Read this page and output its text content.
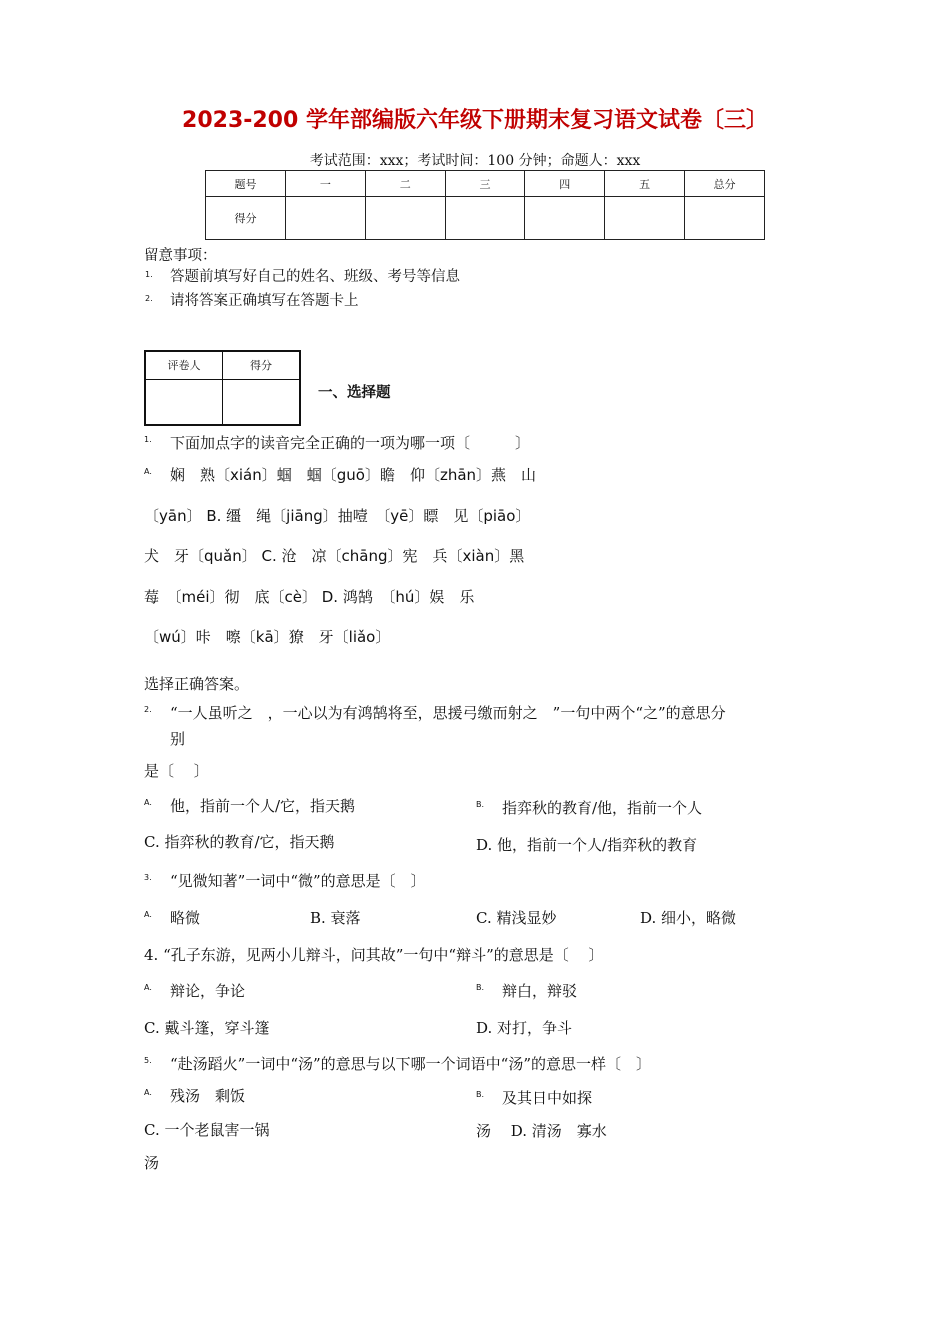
2023-200 学年部编版六年级下册期末复习语文试卷〔三〕
考试范围：xxx；考试时间：100 分钟；命题人：xxx
题号	一	二	三	四	五	总分
得分						
留意事项：
1. 答题前填写好自己的姓名、班级、考号等信息
2. 请将答案正确填写在答题卡上
评卷人	得分

一、选择题
1. 下面加点字的读音完全正确的一项为哪一项〔　　　〕
A. 娴　熟〔xián〕蝈　蝈〔guō〕瞻　仰〔zhān〕燕　山
〔yān〕 B. 缰　绳〔jiāng〕抽噎　〔yē〕瞟　见〔piāo〕
犬　牙〔quǎn〕 C. 沧　凉〔chāng〕宪　兵〔xiàn〕黑
莓　〔méi〕彻　底〔cè〕 D. 鸿鹄　〔hú〕娱　乐
〔wú〕咔　嚓〔kā〕獠　牙〔liǎo〕
选择正确答案。
2. “一人虽听之　，一心以为有鸿鹄将至，思援弓缴而射之　”一句中两个“之”的意思分
别
是〔　 〕
A. 他，指前一个人/它，指天鹅	B. 指弈秋的教育/他，指前一个人
C. 指弈秋的教育/它，指天鹅	D. 他，指前一个人/指弈秋的教育
3. “见微知著”一词中“微”的意思是〔　〕
A. 略微	B. 衰落	C. 精浅显妙	D. 细小，略微
4. “孔子东游，见两小儿辩斗，问其故”一句中“辩斗”的意思是〔　 〕
A. 辩论，争论	B. 辩白，辩驳
C. 戴斗篷，穿斗篷	D. 对打，争斗
5. “赴汤蹈火”一词中“汤”的意思与以下哪一个词语中“汤”的意思一样〔　〕
A. 残汤　剩饭	B. 及其日中如探
C. 一个老鼠害一锅	汤　 D. 清汤　寡水
汤
